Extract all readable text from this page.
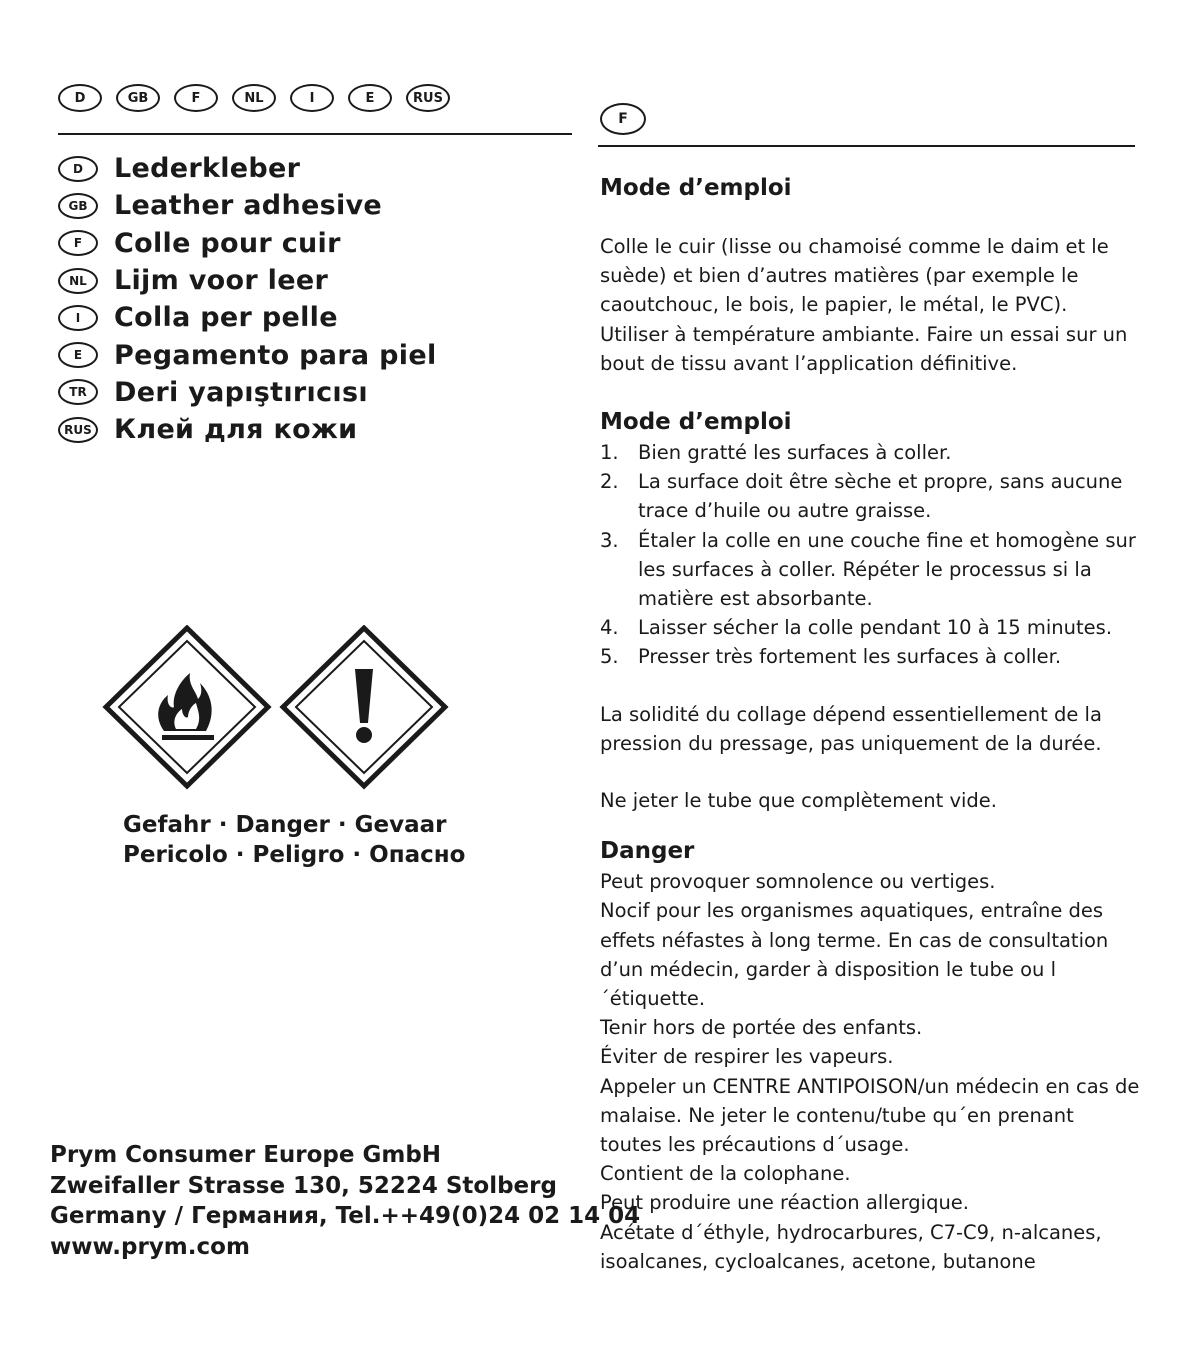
D	GB	F	NL	I	E	RUS
D	Lederkleber
GB Leather adhesive
F	Colle pour cuir
NL	Lijm voor leer
I	Colla per pelle
E	Pegamento para piel
TR	Deri yapıştırıcısı
RUS Клей для кожи
Gefahr · Danger · Gevaar
Pericolo · Peligro · Опасно
Prym Consumer Europe GmbH
Zweifaller Strasse 130, 52224 Stolberg
Germany / Германия, Tel.++49(0)24 02 14 04
www.prym.com
F

Mode d’emploi

Colle le cuir (lisse ou chamoisé comme le daim et le suède) et bien d’autres matières (par exemple le caoutchouc, le bois, le papier, le métal, le PVC). Utiliser à température ambiante. Faire un essai sur un bout de tissu avant l’application définitive.

Mode d’emploi

1. Bien gratté les surfaces à coller.
2. La surface doit être sèche et propre, sans aucune trace d’huile ou autre graisse.
3. Étaler la colle en une couche fine et homogène sur les surfaces à coller. Répéter le processus si la matière est absorbante.
4. Laisser sécher la colle pendant 10 à 15 minutes.
5. Presser très fortement les surfaces à coller.

La solidité du collage dépend essentiellement de la pression du pressage, pas uniquement de la durée.

Ne jeter le tube que complètement vide.

Danger

Peut provoquer somnolence ou vertiges.

Nocif pour les organismes aquatiques, entraîne des effets néfastes à long terme. En cas de consultation d’un médecin, garder à disposition le tube ou l´étiquette.

Tenir hors de portée des enfants.

Éviter de respirer les vapeurs.

Appeler un CENTRE ANTIPOISON/un médecin en cas de malaise. Ne jeter le contenu/tube qu´en prenant toutes les précautions d´usage.

Contient de la colophane.

Peut produire une réaction allergique.

Acétate d´éthyle, hydrocarbures, C7-C9, n-alcanes, isoalcanes, cycloalcanes, acetone, butanone
